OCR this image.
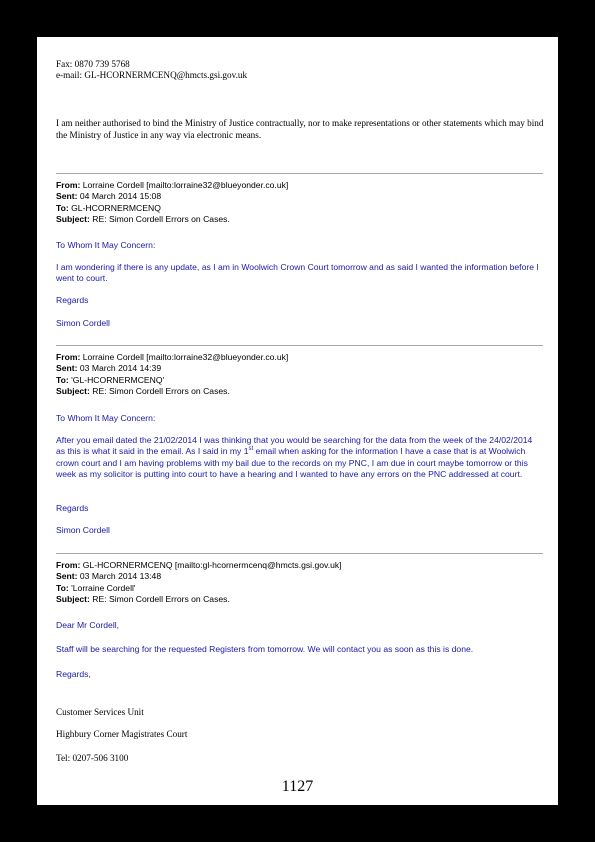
Fax: 0870 739 5768
e-mail: GL-HCORNERMCENQ@hmcts.gsi.gov.uk
I am neither authorised to bind the Ministry of Justice contractually, nor to make representations or other statements which may bind the Ministry of Justice in any way via electronic means.
From: Lorraine Cordell [mailto:lorraine32@blueyonder.co.uk]
Sent: 04 March 2014 15:08
To: GL-HCORNERMCENQ
Subject: RE: Simon Cordell Errors on Cases.
To Whom It May Concern:
I am wondering if there is any update, as I am in Woolwich Crown Court tomorrow and as said I wanted the information before I went to court.
Regards
Simon Cordell
From: Lorraine Cordell [mailto:lorraine32@blueyonder.co.uk]
Sent: 03 March 2014 14:39
To: 'GL-HCORNERMCENQ'
Subject: RE: Simon Cordell Errors on Cases.
To Whom It May Concern:
After you email dated the 21/02/2014 I was thinking that you would be searching for the data from the week of the 24/02/2014 as this is what it said in the email. As I said in my 1st email when asking for the information I have a case that is at Woolwich crown court and I am having problems with my bail due to the records on my PNC, I am due in court maybe tomorrow or this week as my solicitor is putting into court to have a hearing and I wanted to have any errors on the PNC addressed at court.
Regards
Simon Cordell
From: GL-HCORNERMCENQ [mailto:gl-hcornermcenq@hmcts.gsi.gov.uk]
Sent: 03 March 2014 13:48
To: 'Lorraine Cordell'
Subject: RE: Simon Cordell Errors on Cases.
Dear Mr Cordell,
Staff will be searching for the requested Registers from tomorrow. We will contact you as soon as this is done.
Regards,
Customer Services Unit
Highbury Corner Magistrates Court
Tel: 0207-506 3100
1127
